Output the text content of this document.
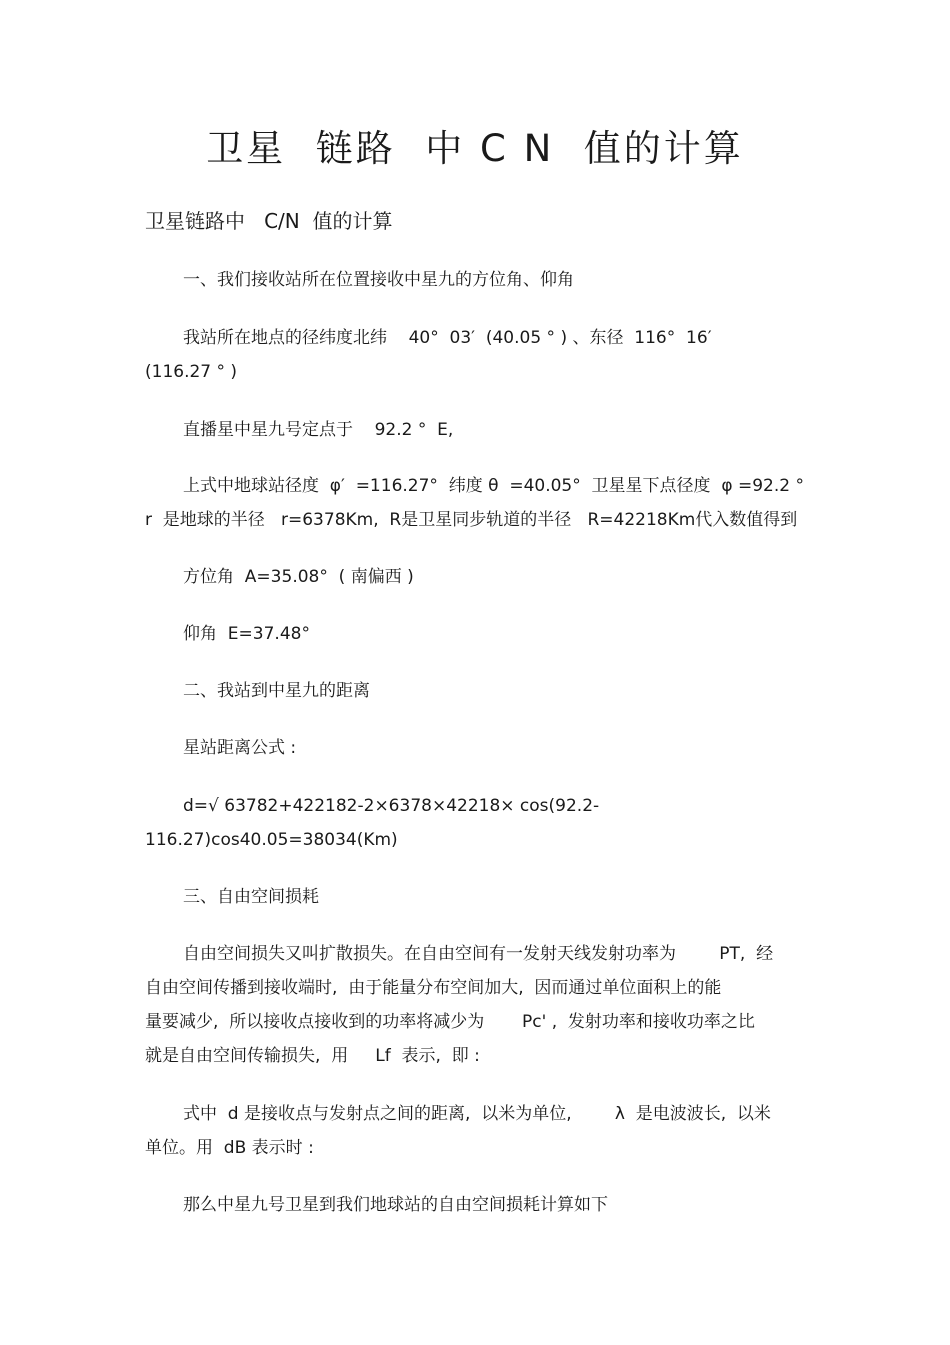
卫星  链路  中 C N  值的计算

卫星链路中   C/N  值的计算

一、我们接收站所在位置接收中星九的方位角、仰角

我站所在地点的径纬度北纬    40°  03′  (40.05 ° ) 、东径  116°  16′

(116.27 ° )

直播星中星九号定点于    92.2 °  E,

上式中地球站径度  φ′  =116.27°  纬度 θ  =40.05°  卫星星下点径度  φ =92.2 °

r  是地球的半径   r=6378Km,  R是卫星同步轨道的半径   R=42218Km代入数值得到

方位角  A=35.08°  ( 南偏西 )

仰角  E=37.48°

二、我站到中星九的距离

星站距离公式 :

d=√ 63782+422182-2×6378×42218× cos(92.2-

116.27)cos40.05=38034(Km)

三、自由空间损耗

自由空间损失又叫扩散损失。在自由空间有一发射天线发射功率为        PT,  经

自由空间传播到接收端时,  由于能量分布空间加大,  因而通过单位面积上的能

量要减少,  所以接收点接收到的功率将减少为       Pc' ,  发射功率和接收功率之比

就是自由空间传输损失,  用     Lf  表示,  即 :

式中  d 是接收点与发射点之间的距离,  以米为单位,        λ  是电波波长,  以米

单位。用  dB 表示时 :

那么中星九号卫星到我们地球站的自由空间损耗计算如下
